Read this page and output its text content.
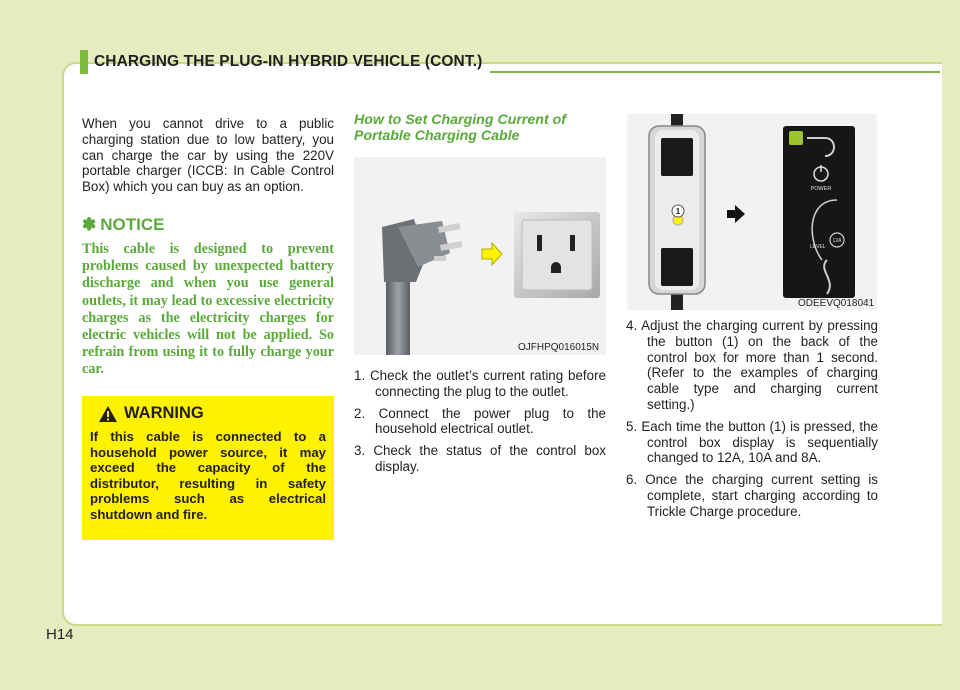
CHARGING THE PLUG-IN HYBRID VEHICLE (CONT.)

When you cannot drive to a public charging station due to low battery, you can charge the car by using the 220V portable charger (ICCB: In Cable Control Box) which you can buy as an option.

✽ NOTICE
This cable is designed to prevent problems caused by unexpected battery discharge and when you use general outlets, it may lead to excessive electricity charges as the electricity charges for electric vehicles will not be applied. So refrain from using it to fully charge your car.
WARNING
If this cable is connected to a household power source, it may exceed the capacity of the distributor, resulting in safety problems such as electrical shutdown and fire.
How to Set Charging Current of Portable Charging Cable
OJFHPQ016015N
1. Check the outlet’s current rating before connecting the plug to the outlet.
2. Connect the power plug to the household electrical outlet.
3. Check the status of the control box display.
1
POWER
LEVEL
12A
ODEEVQ018041
4. Adjust the charging current by pressing the button (1) on the back of the control box for more than 1 second. (Refer to the examples of charging cable type and charging current setting.)
5. Each time the button (1) is pressed, the control box display is sequentially changed to 12A, 10A and 8A.
6. Once the charging current setting is complete, start charging according to Trickle Charge procedure.
H14
